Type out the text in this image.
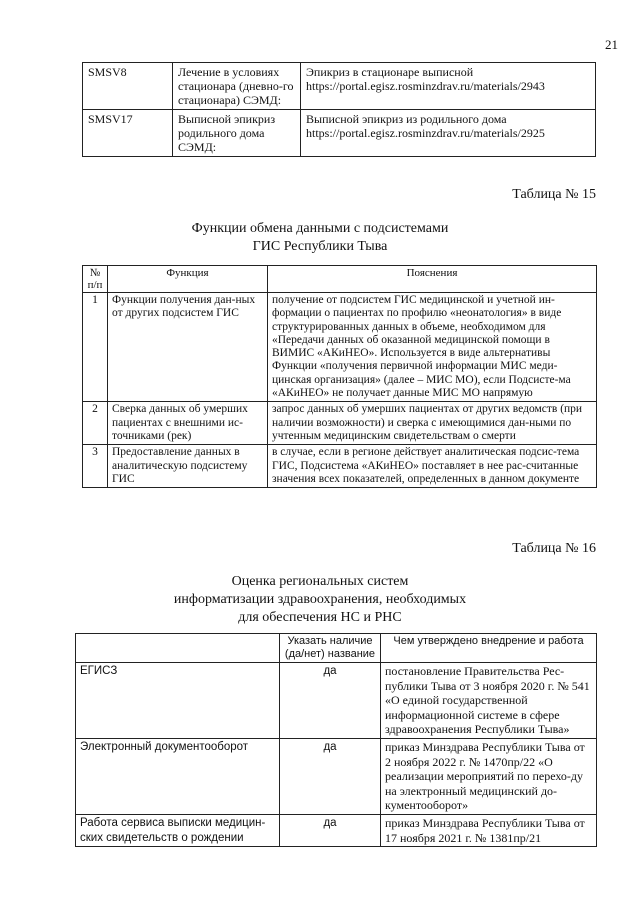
21
SMSV8	Лечение в условиях стационара (дневно-го стационара) СЭМД:	Эпикриз в стационаре выписной https://portal.egisz.rosminzdrav.ru/materials/2943
SMSV17	Выписной эпикриз родильного дома СЭМД:	Выписной эпикриз из родильного дома https://portal.egisz.rosminzdrav.ru/materials/2925
Таблица № 15
Функции обмена данными с подсистемами
ГИС Республики Тыва
№ п/п	Функция	Пояснения
1	Функции получения дан-ных от других подсистем ГИС	получение от подсистем ГИС медицинской и учетной ин-формации о пациентах по профилю «неонатология» в виде структурированных данных в объеме, необходимом для «Передачи данных об оказанной медицинской помощи в ВИМИС «АКиНЕО». Используется в виде альтернативы Функции «получения первичной информации МИС меди-цинская организация» (далее – МИС МО), если Подсисте-ма «АКиНЕО» не получает данные МИС МО напрямую
2	Сверка данных об умерших пациентах с внешними ис-точниками (рек)	запрос данных об умерших пациентах от других ведомств (при наличии возможности) и сверка с имеющимися дан-ными по учтенным медицинским свидетельствам о смерти
3	Предоставление данных в аналитическую подсистему ГИС	в случае, если в регионе действует аналитическая подсис-тема ГИС, Подсистема «АКиНЕО» поставляет в нее рас-считанные значения всех показателей, определенных в данном документе
Таблица № 16
Оценка региональных систем
информатизации здравоохранения, необходимых
для обеспечения НС и РНС
	Указать наличие (да/нет) название	Чем утверждено внедрение и работа
ЕГИСЗ	да	постановление Правительства Рес-публики Тыва от 3 ноября 2020 г. № 541 «О единой государственной информационной системе в сфере здравоохранения Республики Тыва»
Электронный документооборот	да	приказ Минздрава Республики Тыва от 2 ноября 2022 г. № 1470пр/22 «О реализации мероприятий по перехо-ду на электронный медицинский до-кументооборот»
Работа сервиса выписки медицин-ских свидетельств о рождении	да	приказ Минздрава Республики Тыва от 17 ноября 2021 г. № 1381пр/21
